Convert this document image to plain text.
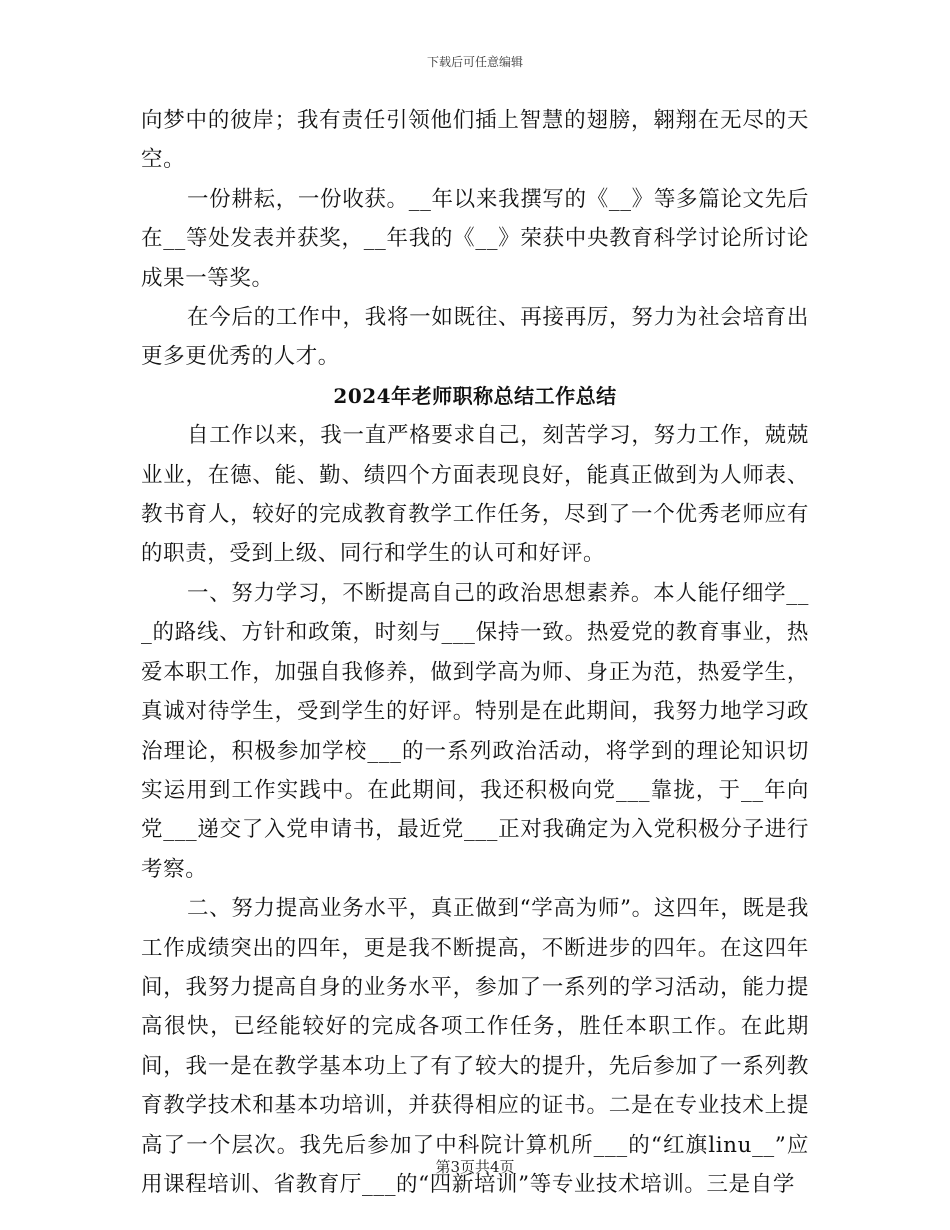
下载后可任意编辑

向梦中的彼岸；我有责任引领他们插上智慧的翅膀，翱翔在无尽的天空。

一份耕耘，一份收获。__年以来我撰写的《__》等多篇论文先后在__等处发表并获奖，__年我的《__》荣获中央教育科学讨论所讨论成果一等奖。

在今后的工作中，我将一如既往、再接再厉，努力为社会培育出更多更优秀的人才。

2024年老师职称总结工作总结

自工作以来，我一直严格要求自己，刻苦学习，努力工作，兢兢业业，在德、能、勤、绩四个方面表现良好，能真正做到为人师表、教书育人，较好的完成教育教学工作任务，尽到了一个优秀老师应有的职责，受到上级、同行和学生的认可和好评。

一、努力学习，不断提高自己的政治思想素养。本人能仔细学___的路线、方针和政策，时刻与___保持一致。热爱党的教育事业，热爱本职工作，加强自我修养，做到学高为师、身正为范，热爱学生，真诚对待学生，受到学生的好评。特别是在此期间，我努力地学习政治理论，积极参加学校___的一系列政治活动，将学到的理论知识切实运用到工作实践中。在此期间，我还积极向党___靠拢，于__年向党___递交了入党申请书，最近党___正对我确定为入党积极分子进行考察。

二、努力提高业务水平，真正做到“学高为师”。这四年，既是我工作成绩突出的四年，更是我不断提高，不断进步的四年。在这四年间，我努力提高自身的业务水平，参加了一系列的学习活动，能力提高很快，已经能较好的完成各项工作任务，胜任本职工作。在此期间，我一是在教学基本功上了有了较大的提升，先后参加了一系列教育教学技术和基本功培训，并获得相应的证书。二是在专业技术上提高了一个层次。我先后参加了中科院计算机所___的“红旗linu__”应用课程培训、省教育厅___的“四新培训”等专业技术培训。三是自学

第3页共4页
